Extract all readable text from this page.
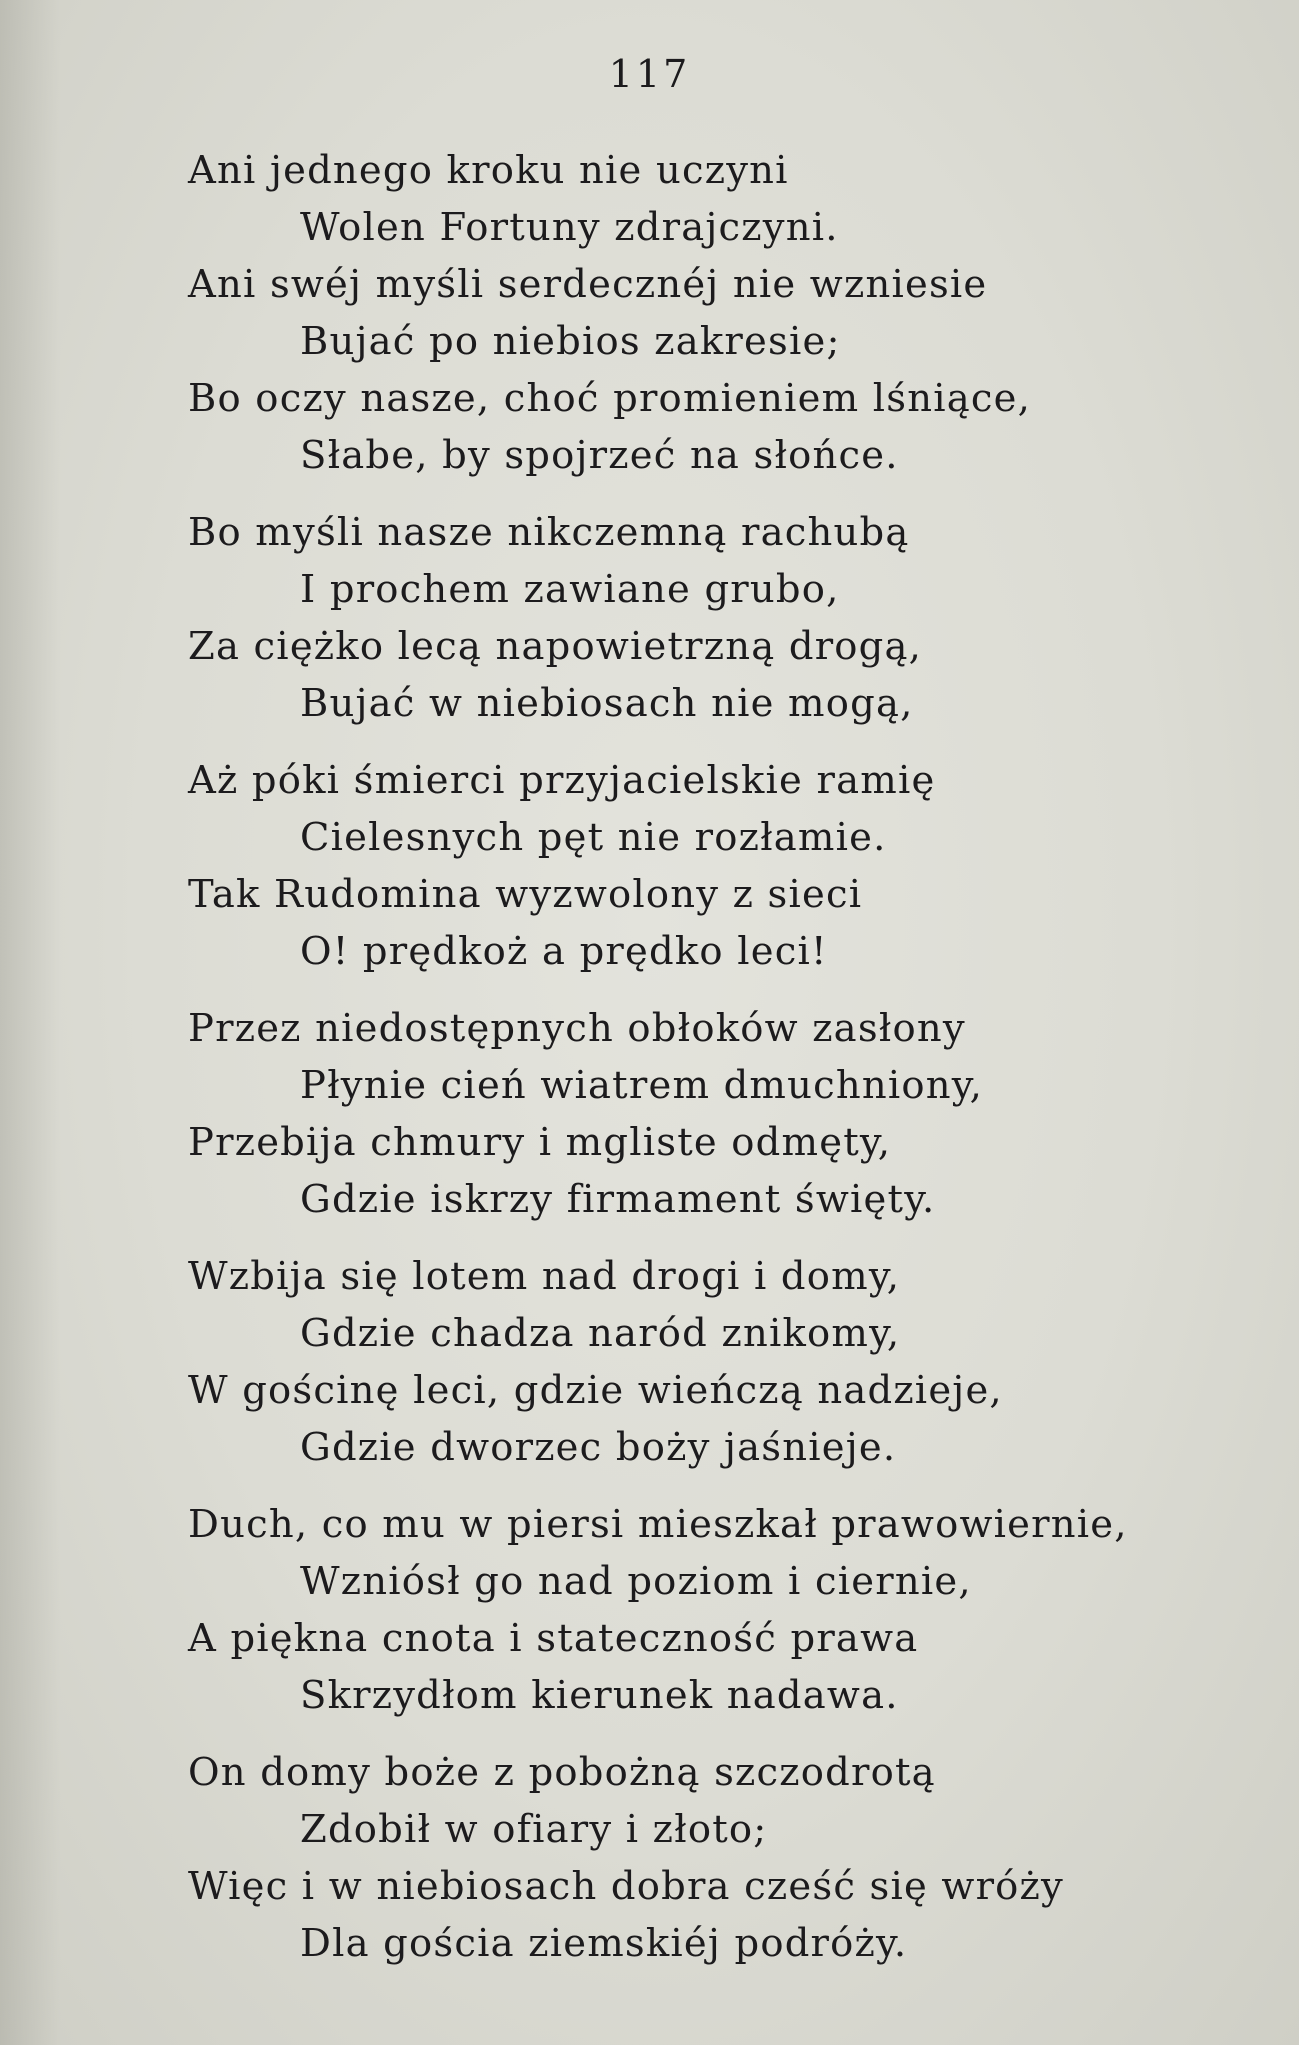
117
Ani jednego kroku nie uczyni
Wolen Fortuny zdrajczyni.
Ani swéj myśli serdecznéj nie wzniesie
Bujać po niebios zakresie;
Bo oczy nasze, choć promieniem lśniące,
Słabe, by spojrzeć na słońce.
Bo myśli nasze nikczemną rachubą
I prochem zawiane grubo,
Za ciężko lecą napowietrzną drogą,
Bujać w niebiosach nie mogą,
Aż póki śmierci przyjacielskie ramię
Cielesnych pęt nie rozłamie.
Tak Rudomina wyzwolony z sieci
O! prędkoż a prędko leci!
Przez niedostępnych obłoków zasłony
Płynie cień wiatrem dmuchniony,
Przebija chmury i mgliste odmęty,
Gdzie iskrzy firmament święty.
Wzbija się lotem nad drogi i domy,
Gdzie chadza naród znikomy,
W gościnę leci, gdzie wieńczą nadzieje,
Gdzie dworzec boży jaśnieje.
Duch, co mu w piersi mieszkał prawowiernie,
Wzniósł go nad poziom i ciernie,
A piękna cnota i stateczność prawa
Skrzydłom kierunek nadawa.
On domy boże z pobożną szczodrotą
Zdobił w ofiary i złoto;
Więc i w niebiosach dobra cześć się wróży
Dla gościa ziemskiéj podróży.
